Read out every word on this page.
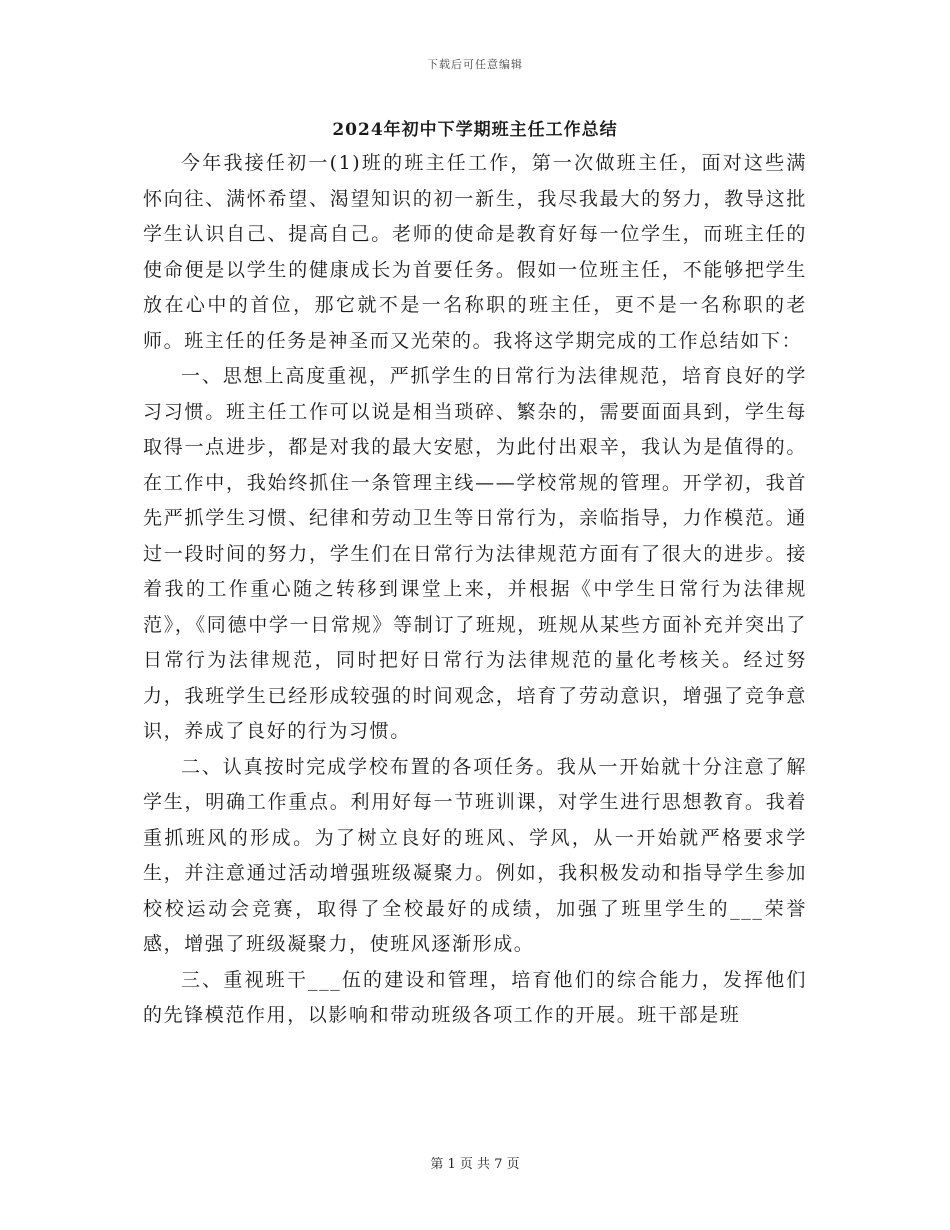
下载后可任意编辑
2024年初中下学期班主任工作总结

今年我接任初一(1)班的班主任工作，第一次做班主任，面对这些满怀向往、满怀希望、渴望知识的初一新生，我尽我最大的努力，教导这批学生认识自己、提高自己。老师的使命是教育好每一位学生，而班主任的使命便是以学生的健康成长为首要任务。假如一位班主任，不能够把学生放在心中的首位，那它就不是一名称职的班主任，更不是一名称职的老师。班主任的任务是神圣而又光荣的。我将这学期完成的工作总结如下：

一、思想上高度重视，严抓学生的日常行为法律规范，培育良好的学习习惯。班主任工作可以说是相当琐碎、繁杂的，需要面面具到，学生每取得一点进步，都是对我的最大安慰，为此付出艰辛，我认为是值得的。在工作中，我始终抓住一条管理主线——学校常规的管理。开学初，我首先严抓学生习惯、纪律和劳动卫生等日常行为，亲临指导，力作模范。通过一段时间的努力，学生们在日常行为法律规范方面有了很大的进步。接着我的工作重心随之转移到课堂上来，并根据《中学生日常行为法律规范》，《同德中学一日常规》等制订了班规，班规从某些方面补充并突出了日常行为法律规范，同时把好日常行为法律规范的量化考核关。经过努力，我班学生已经形成较强的时间观念，培育了劳动意识，增强了竞争意识，养成了良好的行为习惯。

二、认真按时完成学校布置的各项任务。我从一开始就十分注意了解学生，明确工作重点。利用好每一节班训课，对学生进行思想教育。我着重抓班风的形成。为了树立良好的班风、学风，从一开始就严格要求学生，并注意通过活动增强班级凝聚力。例如，我积极发动和指导学生参加校校运动会竞赛，取得了全校最好的成绩，加强了班里学生的___荣誉感，增强了班级凝聚力，使班风逐渐形成。

三、重视班干___伍的建设和管理，培育他们的综合能力，发挥他们的先锋模范作用，以影响和带动班级各项工作的开展。班干部是班

第 1 页 共 7 页
